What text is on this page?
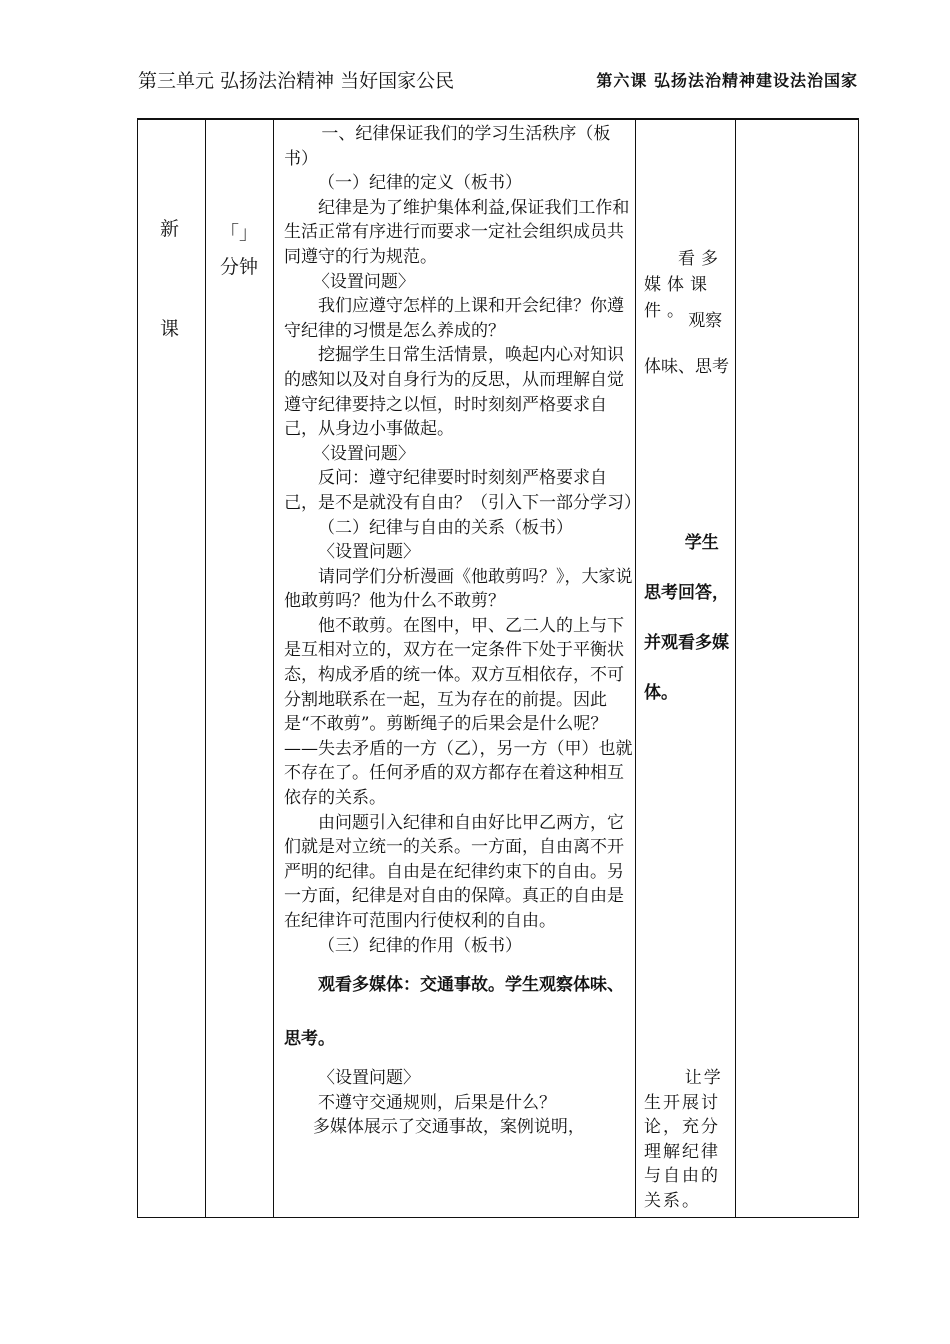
第三单元 弘扬法治精神 当好国家公民	第六课 弘扬法治精神建设法治国家
新
课
「」
分钟

一、纪律保证我们的学习生活秩序（板书）

（一）纪律的定义（板书）

纪律是为了维护集体利益,保证我们工作和生活正常有序进行而要求一定社会组织成员共同遵守的行为规范。

〈设置问题〉

我们应遵守怎样的上课和开会纪律？你遵守纪律的习惯是怎么养成的？

挖掘学生日常生活情景，唤起内心对知识的感知以及对自身行为的反思，从而理解自觉遵守纪律要持之以恒，时时刻刻严格要求自己，从身边小事做起。

〈设置问题〉

反问：遵守纪律要时时刻刻严格要求自己，是不是就没有自由？（引入下一部分学习）

（二）纪律与自由的关系（板书）

〈设置问题〉

请同学们分析漫画《他敢剪吗？》，大家说他敢剪吗？他为什么不敢剪？

他不敢剪。在图中，甲、乙二人的上与下是互相对立的，双方在一定条件下处于平衡状态，构成矛盾的统一体。双方互相依存，不可分割地联系在一起，互为存在的前提。因此是“不敢剪”。剪断绳子的后果会是什么呢？——失去矛盾的一方（乙），另一方（甲）也就不存在了。任何矛盾的双方都存在着这种相互依存的关系。

由问题引入纪律和自由好比甲乙两方，它们就是对立统一的关系。一方面，自由离不开严明的纪律。自由是在纪律约束下的自由。另一方面，纪律是对自由的保障。真正的自由是在纪律许可范围内行使权利的自由。

（三）纪律的作用（板书）

观看多媒体：交通事故。学生观察体味、思考。

〈设置问题〉

不遵守交通规则，后果是什么？

多媒体展示了交通事故，案例说明，

看多媒体课件。
观察体味、思考
学生思考回答，并观看多媒体。
让学生开展讨论，充分理解纪律与自由的关系。
